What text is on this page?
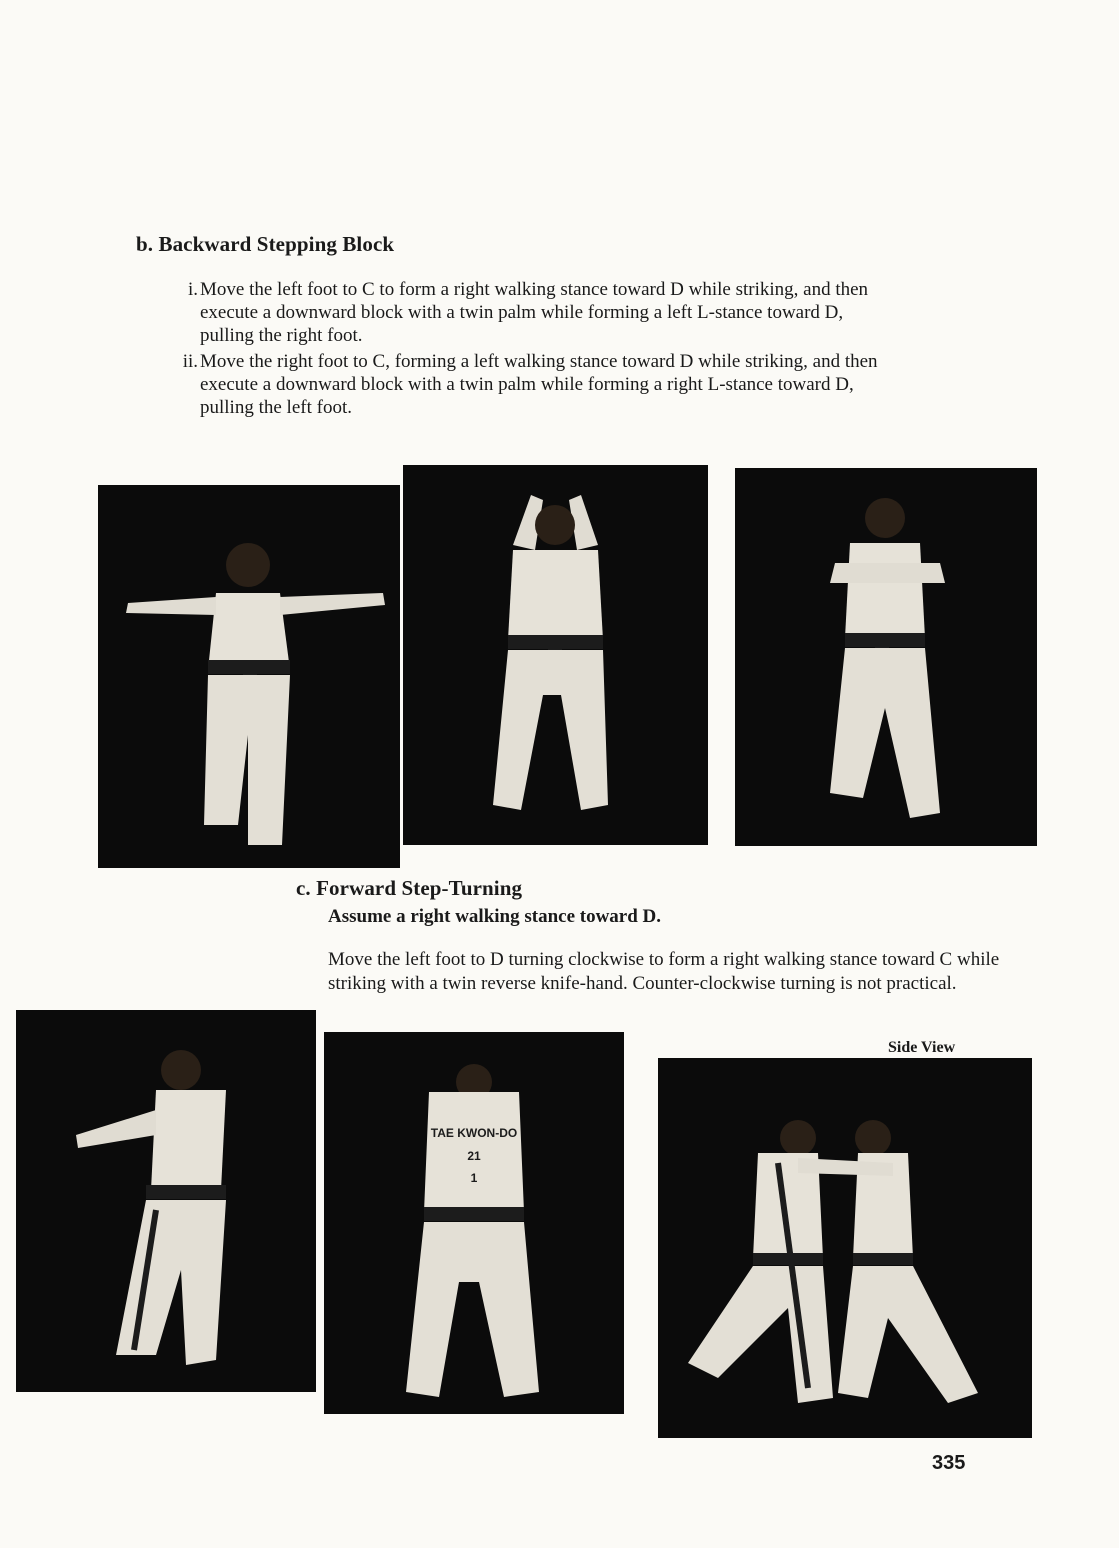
b. Backward Stepping Block
i. Move the left foot to C to form a right walking stance toward D while striking, and then execute a downward block with a twin palm while forming a left L-stance toward D, pulling the right foot.
ii. Move the right foot to C, forming a left walking stance toward D while striking, and then execute a downward block with a twin palm while forming a right L-stance toward D, pulling the left foot.
c. Forward Step-Turning
Assume a right walking stance toward D.
Move the left foot to D turning clockwise to form a right walking stance toward C while striking with a twin reverse knife-hand. Counter-clockwise turning is not practical.
TAE KWON-DO
21
1
Side View
335
